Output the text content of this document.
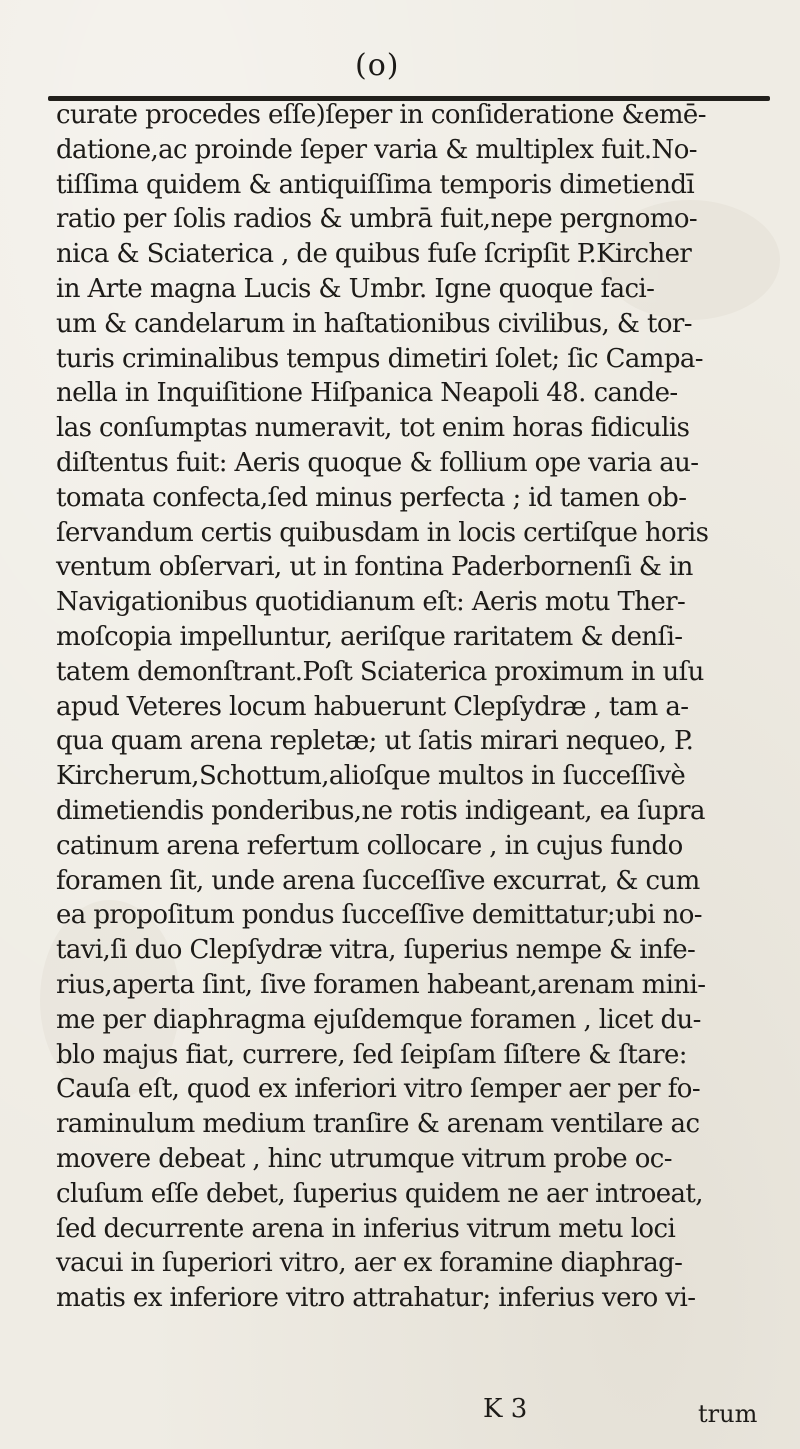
(o)
curate procedes eſſe)ſeper in conſideratione &emē-
datione,ac proinde ſeper varia & multiplex fuit.No-
tiſſima quidem & antiquiſſima temporis dimetiendī
ratio per ſolis radios & umbrā fuit,nepe pergnomo-
nica & Sciaterica , de quibus fuſe ſcripſit P.Kircher
in Arte magna Lucis & Umbr. Igne quoque faci-
um & candelarum in haſtationibus civilibus, & tor-
turis criminalibus tempus dimetiri ſolet; ſic Campa-
nella in Inquiſitione Hiſpanica Neapoli 48. cande-
las conſumptas numeravit, tot enim horas fidiculis
diſtentus fuit: Aeris quoque & follium ope varia au-
tomata confecta,ſed minus perfecta ; id tamen ob-
ſervandum certis quibusdam in locis certiſque horis
ventum obſervari, ut in fontina Paderbornenſi & in
Navigationibus quotidianum eſt: Aeris motu Ther-
moſcopia impelluntur, aeriſque raritatem & denſi-
tatem demonſtrant.Poſt Sciaterica proximum in uſu
apud Veteres locum habuerunt Clepſydræ , tam a-
qua quam arena repletæ; ut ſatis mirari nequeo, P.
Kircherum,Schottum,alioſque multos in ſucceſſivè
dimetiendis ponderibus,ne rotis indigeant, ea ſupra
catinum arena refertum collocare , in cujus fundo
foramen ſit, unde arena ſucceſſive excurrat, & cum
ea propoſitum pondus ſucceſſive demittatur;ubi no-
tavi,ſi duo Clepſydræ vitra, ſuperius nempe & infe-
rius,aperta ſint, ſive foramen habeant,arenam mini-
me per diaphragma ejuſdemque foramen , licet du-
blo majus fiat, currere, ſed ſeipſam ſiſtere & ſtare:
Cauſa eſt, quod ex inferiori vitro ſemper aer per fo-
raminulum medium tranſire & arenam ventilare ac
movere debeat , hinc utrumque vitrum probe oc-
cluſum eſſe debet, ſuperius quidem ne aer introeat,
ſed decurrente arena in inferius vitrum metu loci
vacui in ſuperiori vitro, aer ex foramine diaphrag-
matis ex inferiore vitro attrahatur; inferius vero vi-
K 3	trum
